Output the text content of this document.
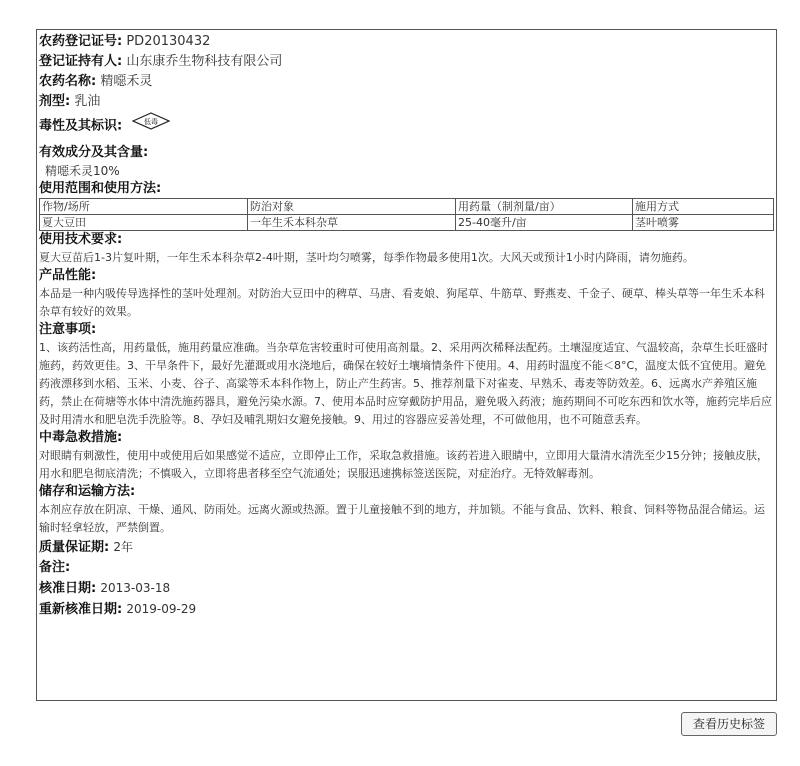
农药登记证号: PD20130432
登记证持有人: 山东康乔生物科技有限公司
农药名称: 精噁禾灵
剂型: 乳油
毒性及其标识:	低毒
有效成分及其含量:
精噁禾灵10%
使用范围和使用方法:
作物/场所	防治对象	用药量（制剂量/亩）	施用方式
夏大豆田	一年生禾本科杂草	25-40毫升/亩	茎叶喷雾
使用技术要求:
夏大豆苗后1-3片复叶期，一年生禾本科杂草2-4叶期，茎叶均匀喷雾，每季作物最多使用1次。大风天或预计1小时内降雨，请勿施药。
产品性能:
本品是一种内吸传导选择性的茎叶处理剂。对防治大豆田中的稗草、马唐、看麦娘、狗尾草、牛筋草、野燕麦、千金子、硬草、棒头草等一年生禾本科杂草有较好的效果。
注意事项:
1、该药活性高，用药量低，施用药量应准确。当杂草危害较重时可使用高剂量。2、采用两次稀释法配药。土壤湿度适宜、气温较高，杂草生长旺盛时施药，药效更佳。3、干旱条件下，最好先灌溉或用水浇地后，确保在较好土壤墒情条件下使用。4、用药时温度不能＜8°C，温度太低不宜使用。避免药液漂移到水稻、玉米、小麦、谷子、高粱等禾本科作物上，防止产生药害。5、推荐剂量下对雀麦、早熟禾、毒麦等防效差。6、远离水产养殖区施药，禁止在荷塘等水体中清洗施药器具，避免污染水源。7、使用本品时应穿戴防护用品，避免吸入药液；施药期间不可吃东西和饮水等，施药完毕后应及时用清水和肥皂洗手洗脸等。8、孕妇及哺乳期妇女避免接触。9、用过的容器应妥善处理，不可做他用，也不可随意丢弃。
中毒急救措施:
对眼睛有刺激性，使用中或使用后如果感觉不适应，立即停止工作，采取急救措施。该药若进入眼睛中，立即用大量清水清洗至少15分钟；接触皮肤，用水和肥皂彻底清洗；不慎吸入，立即将患者移至空气流通处；误服迅速携标签送医院，对症治疗。无特效解毒剂。
储存和运输方法:
本剂应存放在阴凉、干燥、通风、防雨处。远离火源或热源。置于儿童接触不到的地方，并加锁。不能与食品、饮料、粮食、饲料等物品混合储运。运输时轻拿轻放，严禁倒置。
质量保证期: 2年
备注:
核准日期: 2013-03-18
重新核准日期: 2019-09-29
查看历史标签
